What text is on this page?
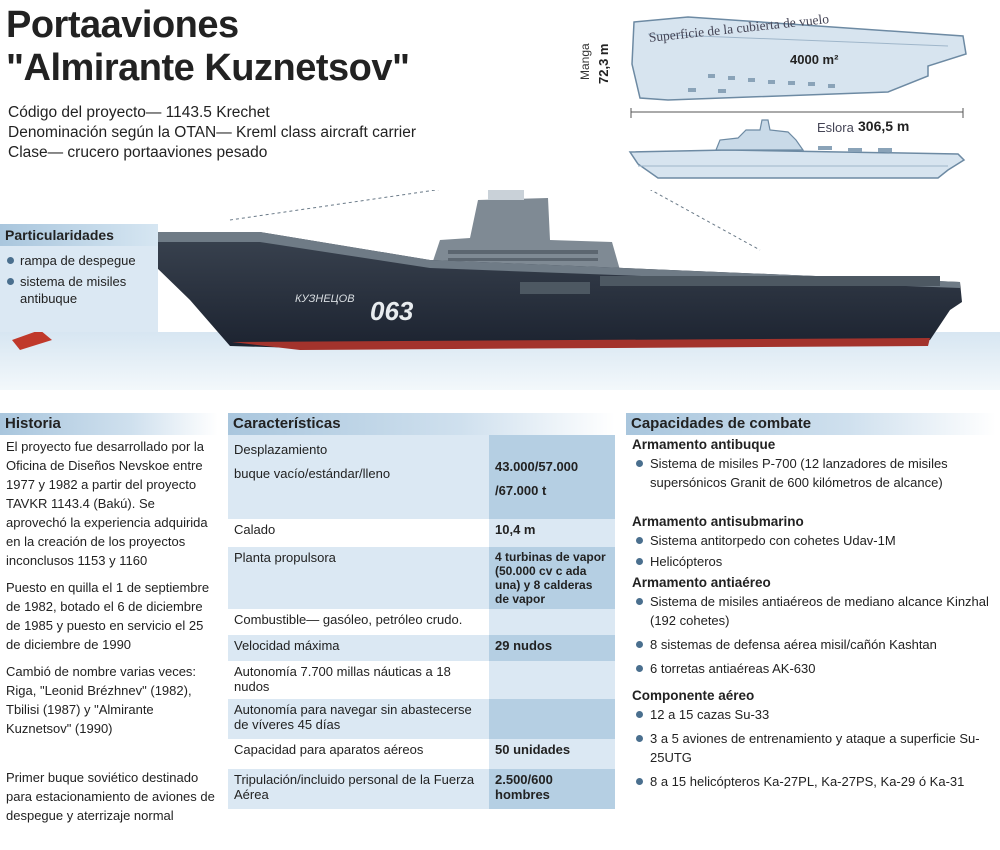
Portaaviones
"Almirante Kuznetsov"
Código del proyecto— 1143.5 Krechet
Denominación según la OTAN— Kreml class aircraft carrier
Clase— crucero portaaviones pesado
Manga 72,3 m
Superficie de la cubierta de vuelo
4000 m²
Eslora 306,5 m
063
КУЗНЕЦОВ
Particularidades
rampa de despegue
sistema de misiles antibuque
Historia	Características	Capacidades de combate

El proyecto fue desarrollado por la Oficina de Diseños Nevskoe entre 1977 y 1982 a partir del proyecto TAVKR 1143.4 (Bakú). Se aprovechó la experiencia adquirida en la creación de los proyectos inconclusos 1153 y 1160

Puesto en quilla el 1 de septiembre de 1982, botado el 6 de diciembre de 1985 y puesto en servicio el 25 de diciembre de 1990

Cambió de nombre varias veces: Riga, "Leonid Brézhnev" (1982), Tbilisi (1987) y "Almirante Kuznetsov" (1990)

Primer buque soviético destinado para estacionamiento de aviones de despegue y aterrizaje normal

Desplazamiento
buque vacío/estándar/lleno	43.000/57.000
/67.000 t
Calado	10,4 m
Planta propulsora	4 turbinas de vapor (50.000 cv c ada una) y 8 calderas de vapor
Combustible— gasóleo, petróleo crudo.	
Velocidad máxima	29 nudos
Autonomía 7.700 millas náuticas a 18 nudos	
Autonomía para navegar sin abastecerse de víveres 45 días	
Capacidad para aparatos aéreos	50 unidades
Tripulación/incluido personal de la Fuerza Aérea	2.500/600
hombres
Armamento antibuque
Sistema de misiles P-700 (12 lanzadores de misiles supersónicos Granit de 600 kilómetros de alcance)
Armamento antisubmarino
Sistema antitorpedo con cohetes Udav-1M
Helicópteros
Armamento antiaéreo
Sistema de misiles antiaéreos de mediano alcance Kinzhal (192 cohetes)
8 sistemas de defensa aérea misil/cañón Kashtan
6 torretas antiaéreas AK-630
Componente aéreo
12 a 15 cazas Su-33
3 a 5 aviones de entrenamiento y ataque a superficie Su-25UTG
8 a 15 helicópteros Ka-27PL, Ka-27PS, Ka-29 ó Ka-31
